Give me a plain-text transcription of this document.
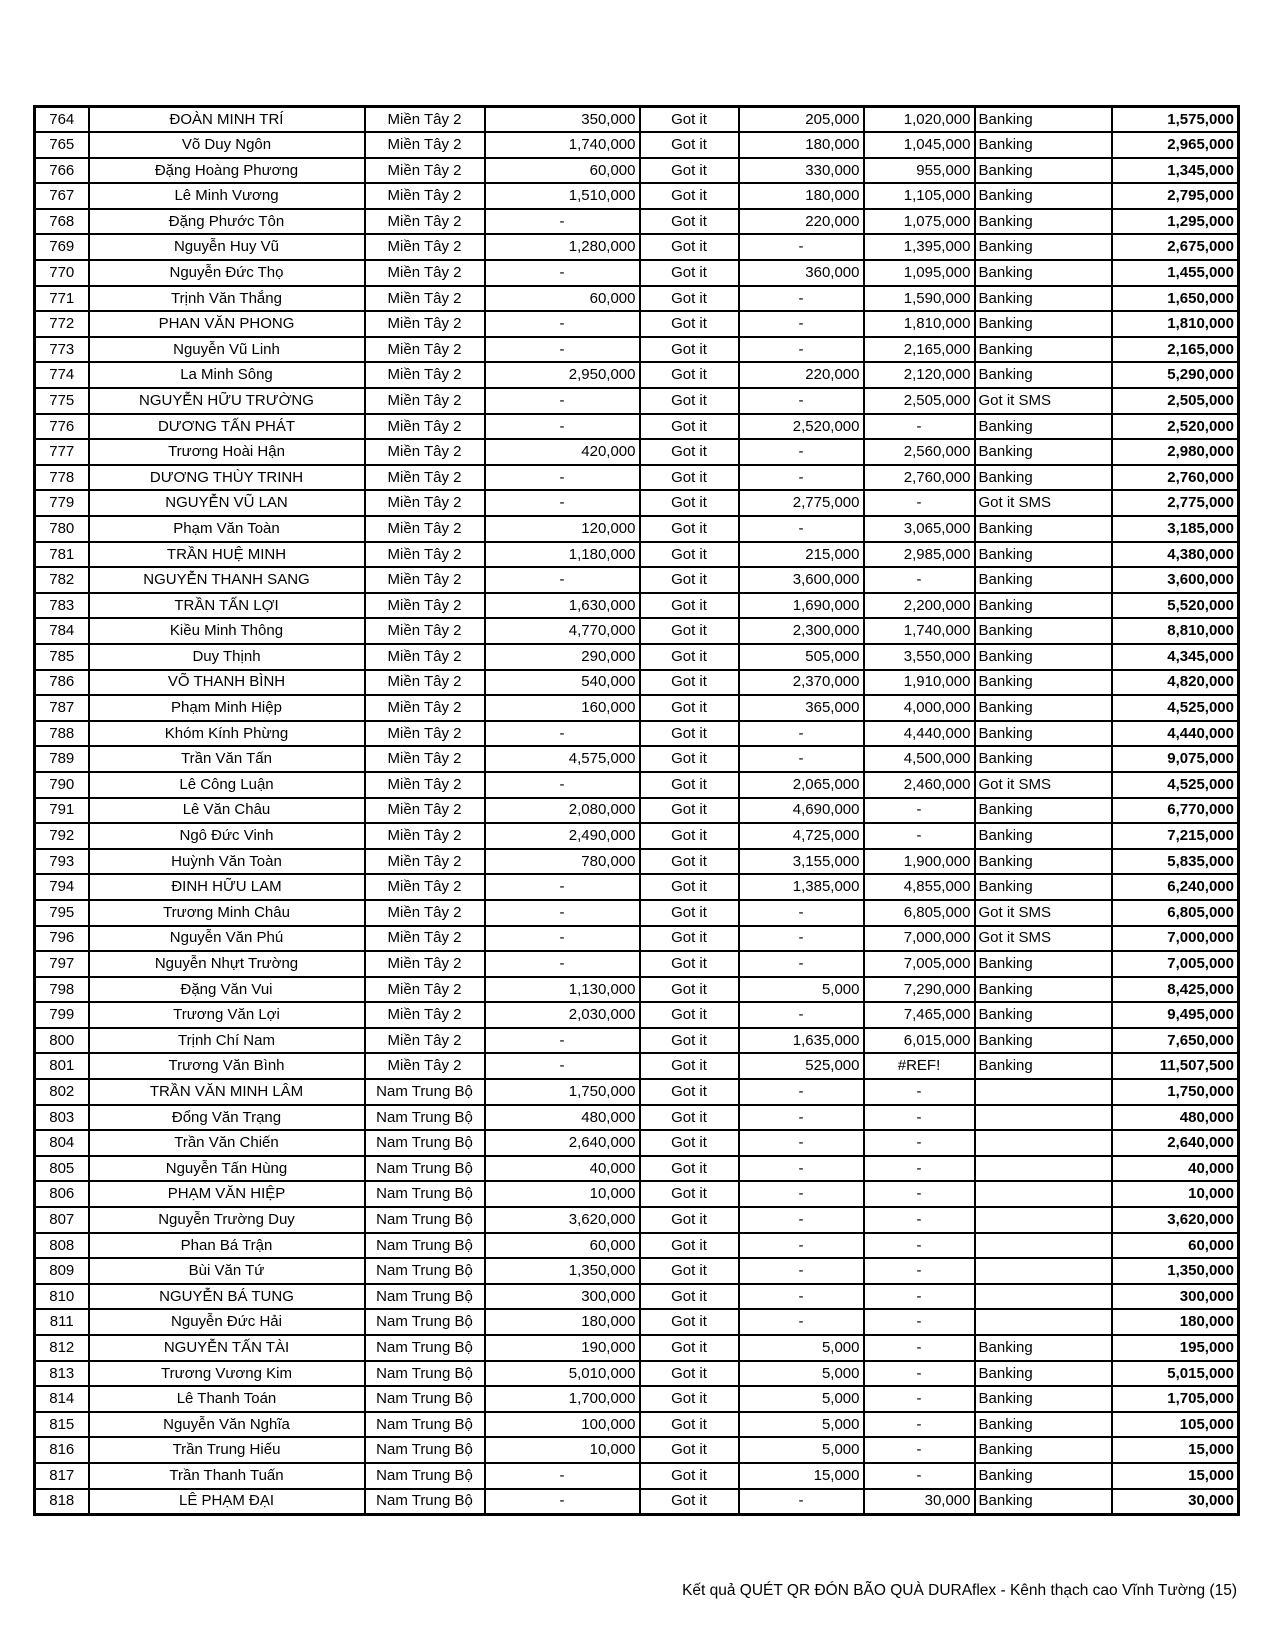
764	ĐOÀN MINH TRÍ	Miền Tây 2	350,000	Got it	205,000	1,020,000	Banking	1,575,000
765	Võ Duy Ngôn	Miền Tây 2	1,740,000	Got it	180,000	1,045,000	Banking	2,965,000
766	Đặng Hoàng Phương	Miền Tây 2	60,000	Got it	330,000	955,000	Banking	1,345,000
767	Lê Minh Vương	Miền Tây 2	1,510,000	Got it	180,000	1,105,000	Banking	2,795,000
768	Đặng Phước Tôn	Miền Tây 2	-	Got it	220,000	1,075,000	Banking	1,295,000
769	Nguyễn Huy Vũ	Miền Tây 2	1,280,000	Got it	-	1,395,000	Banking	2,675,000
770	Nguyễn Đức Thọ	Miền Tây 2	-	Got it	360,000	1,095,000	Banking	1,455,000
771	Trịnh Văn Thắng	Miền Tây 2	60,000	Got it	-	1,590,000	Banking	1,650,000
772	PHAN VĂN PHONG	Miền Tây 2	-	Got it	-	1,810,000	Banking	1,810,000
773	Nguyễn Vũ Linh	Miền Tây 2	-	Got it	-	2,165,000	Banking	2,165,000
774	La Minh Sông	Miền Tây 2	2,950,000	Got it	220,000	2,120,000	Banking	5,290,000
775	NGUYỄN HỮU TRƯỜNG	Miền Tây 2	-	Got it	-	2,505,000	Got it SMS	2,505,000
776	DƯƠNG TẤN PHÁT	Miền Tây 2	-	Got it	2,520,000	-	Banking	2,520,000
777	Trương Hoài Hận	Miền Tây 2	420,000	Got it	-	2,560,000	Banking	2,980,000
778	DƯƠNG THÙY TRINH	Miền Tây 2	-	Got it	-	2,760,000	Banking	2,760,000
779	NGUYỄN VŨ LAN	Miền Tây 2	-	Got it	2,775,000	-	Got it SMS	2,775,000
780	Phạm Văn Toàn	Miền Tây 2	120,000	Got it	-	3,065,000	Banking	3,185,000
781	TRẦN HUỆ MINH	Miền Tây 2	1,180,000	Got it	215,000	2,985,000	Banking	4,380,000
782	NGUYỄN THANH SANG	Miền Tây 2	-	Got it	3,600,000	-	Banking	3,600,000
783	TRẦN TẤN LỢI	Miền Tây 2	1,630,000	Got it	1,690,000	2,200,000	Banking	5,520,000
784	Kiều Minh Thông	Miền Tây 2	4,770,000	Got it	2,300,000	1,740,000	Banking	8,810,000
785	Duy Thịnh	Miền Tây 2	290,000	Got it	505,000	3,550,000	Banking	4,345,000
786	VÕ THANH BÌNH	Miền Tây 2	540,000	Got it	2,370,000	1,910,000	Banking	4,820,000
787	Phạm Minh Hiệp	Miền Tây 2	160,000	Got it	365,000	4,000,000	Banking	4,525,000
788	Khóm Kính Phừng	Miền Tây 2	-	Got it	-	4,440,000	Banking	4,440,000
789	Trần Văn Tấn	Miền Tây 2	4,575,000	Got it	-	4,500,000	Banking	9,075,000
790	Lê Công Luận	Miền Tây 2	-	Got it	2,065,000	2,460,000	Got it SMS	4,525,000
791	Lê Văn Châu	Miền Tây 2	2,080,000	Got it	4,690,000	-	Banking	6,770,000
792	Ngô Đức Vinh	Miền Tây 2	2,490,000	Got it	4,725,000	-	Banking	7,215,000
793	Huỳnh Văn Toàn	Miền Tây 2	780,000	Got it	3,155,000	1,900,000	Banking	5,835,000
794	ĐINH HỮU LAM	Miền Tây 2	-	Got it	1,385,000	4,855,000	Banking	6,240,000
795	Trương Minh Châu	Miền Tây 2	-	Got it	-	6,805,000	Got it SMS	6,805,000
796	Nguyễn Văn Phú	Miền Tây 2	-	Got it	-	7,000,000	Got it SMS	7,000,000
797	Nguyễn Nhựt Trường	Miền Tây 2	-	Got it	-	7,005,000	Banking	7,005,000
798	Đặng Văn Vui	Miền Tây 2	1,130,000	Got it	5,000	7,290,000	Banking	8,425,000
799	Trương Văn Lợi	Miền Tây 2	2,030,000	Got it	-	7,465,000	Banking	9,495,000
800	Trịnh Chí Nam	Miền Tây 2	-	Got it	1,635,000	6,015,000	Banking	7,650,000
801	Trương Văn Bình	Miền Tây 2	-	Got it	525,000	#REF!	Banking	11,507,500
802	TRẦN VĂN MINH LÂM	Nam Trung Bộ	1,750,000	Got it	-	-		1,750,000
803	Đổng Văn Trạng	Nam Trung Bộ	480,000	Got it	-	-		480,000
804	Trần Văn Chiến	Nam Trung Bộ	2,640,000	Got it	-	-		2,640,000
805	Nguyễn Tấn Hùng	Nam Trung Bộ	40,000	Got it	-	-		40,000
806	PHẠM VĂN HIỆP	Nam Trung Bộ	10,000	Got it	-	-		10,000
807	Nguyễn Trường Duy	Nam Trung Bộ	3,620,000	Got it	-	-		3,620,000
808	Phan Bá Trận	Nam Trung Bộ	60,000	Got it	-	-		60,000
809	Bùi Văn Tứ	Nam Trung Bộ	1,350,000	Got it	-	-		1,350,000
810	NGUYỄN BÁ TUNG	Nam Trung Bộ	300,000	Got it	-	-		300,000
811	Nguyễn Đức Hải	Nam Trung Bộ	180,000	Got it	-	-		180,000
812	NGUYỄN TẤN TÀI	Nam Trung Bộ	190,000	Got it	5,000	-	Banking	195,000
813	Trương Vương Kim	Nam Trung Bộ	5,010,000	Got it	5,000	-	Banking	5,015,000
814	Lê Thanh Toán	Nam Trung Bộ	1,700,000	Got it	5,000	-	Banking	1,705,000
815	Nguyễn Văn Nghĩa	Nam Trung Bộ	100,000	Got it	5,000	-	Banking	105,000
816	Trần Trung Hiếu	Nam Trung Bộ	10,000	Got it	5,000	-	Banking	15,000
817	Trần Thanh Tuấn	Nam Trung Bộ	-	Got it	15,000	-	Banking	15,000
818	LÊ PHẠM ĐẠI	Nam Trung Bộ	-	Got it	-	30,000	Banking	30,000
Kết quả QUÉT QR ĐÓN BÃO QUÀ DURAflex - Kênh thạch cao Vĩnh Tường (15)
